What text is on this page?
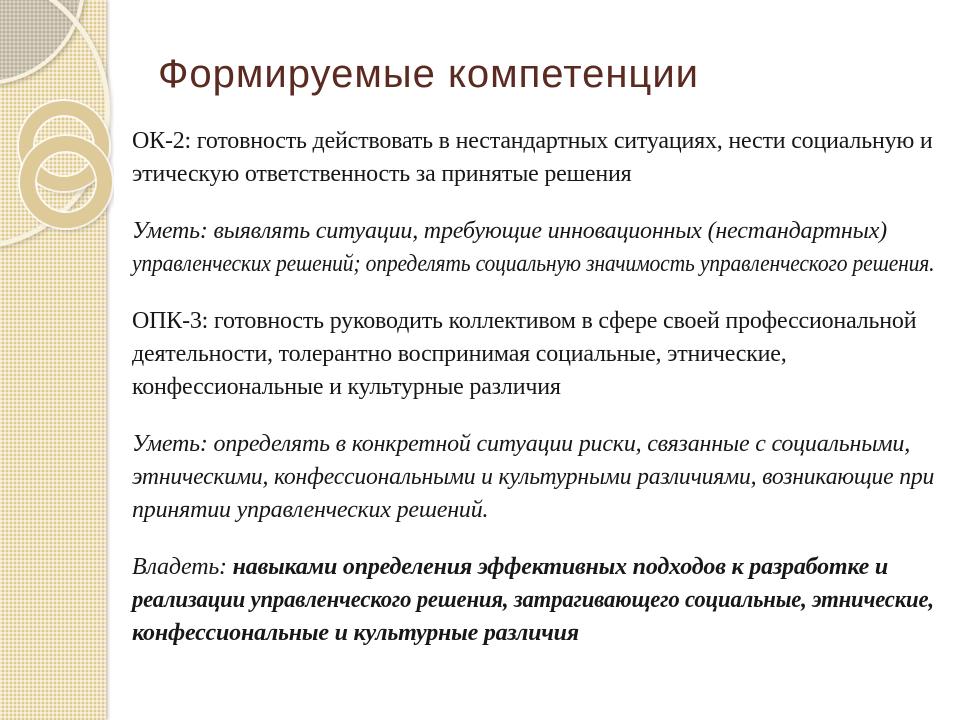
Формируемые компетенции
ОК-2: готовность действовать в нестандартных ситуациях, нести социальную и
этическую ответственность за принятые решения
Уметь: выявлять ситуации, требующие инновационных (нестандартных)
управленческих решений; определять социальную значимость управленческого решения.
ОПК-3: готовность руководить коллективом в сфере своей профессиональной
деятельности, толерантно воспринимая социальные, этнические,
конфессиональные и культурные различия
Уметь: определять в конкретной ситуации риски, связанные с социальными,
этническими, конфессиональными и культурными различиями, возникающие при
принятии управленческих решений.
Владеть: навыками определения эффективных подходов к разработке и
реализации управленческого решения, затрагивающего социальные, этнические,
конфессиональные и культурные различия
